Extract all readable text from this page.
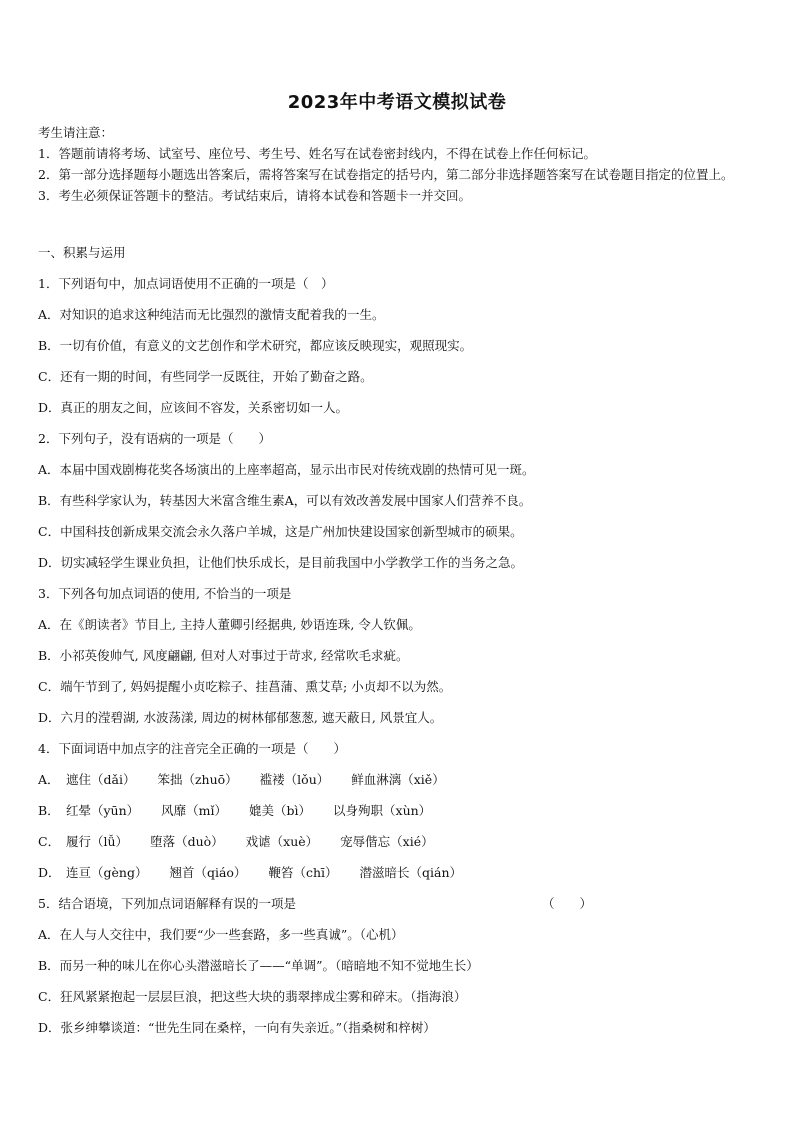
2023年中考语文模拟试卷
考生请注意：
1．答题前请将考场、试室号、座位号、考生号、姓名写在试卷密封线内，不得在试卷上作任何标记。
2．第一部分选择题每小题选出答案后，需将答案写在试卷指定的括号内，第二部分非选择题答案写在试卷题目指定的位置上。
3．考生必须保证答题卡的整洁。考试结束后，请将本试卷和答题卡一并交回。
一、积累与运用
1．下列语句中，加点词语使用不正确的一项是（　）
A．对知识的追求这种纯洁而无比强烈的激情支配着我的一生。
B．一切有价值，有意义的文艺创作和学术研究，都应该反映现实，观照现实。
C．还有一期的时间，有些同学一反既往，开始了勤奋之路。
D．真正的朋友之间，应该间不容发，关系密切如一人。
2．下列句子，没有语病的一项是（　　）
A．本届中国戏剧梅花奖各场演出的上座率超高，显示出市民对传统戏剧的热情可见一斑。
B．有些科学家认为，转基因大米富含维生素A，可以有效改善发展中国家人们营养不良。
C．中国科技创新成果交流会永久落户羊城，这是广州加快建设国家创新型城市的硕果。
D．切实减轻学生课业负担，让他们快乐成长，是目前我国中小学教学工作的当务之急。
3．下列各句加点词语的使用, 不恰当的一项是
A．在《朗读者》节目上, 主持人董卿引经据典, 妙语连珠, 令人钦佩。
B．小祁英俊帅气, 风度翩翩, 但对人对事过于苛求, 经常吹毛求疵。
C．端午节到了, 妈妈提醒小贞吃粽子、挂菖蒲、熏艾草; 小贞却不以为然。
D．六月的滢碧湖, 水波荡漾, 周边的树林郁郁葱葱, 遮天蔽日, 风景宜人。
4．下面词语中加点字的注音完全正确的一项是（　　）
A． 遮住（dǎi） 笨拙（zhuō） 褴褛（lǒu） 鲜血淋漓（xiě）
B． 红晕（yūn） 风靡（mǐ） 媲美（bì） 以身殉职（xùn）
C． 履行（lǚ） 堕落（duò） 戏谑（xuè） 宠辱偕忘（xié）
D． 连亘（gèng） 翘首（qiáo） 鞭笞（chī） 潜滋暗长（qián）
5．结合语境，下列加点词语解释有误的一项是	（　　）
A．在人与人交往中，我们要“少一些套路，多一些真诚”。（心机）
B．而另一种的味儿在你心头潜滋暗长了——“单调”。（暗暗地不知不觉地生长）
C．狂风紧紧抱起一层层巨浪，把这些大块的翡翠摔成尘雾和碎末。（指海浪）
D．张乡绅攀谈道：“世先生同在桑梓，一向有失亲近。”（指桑树和梓树）
